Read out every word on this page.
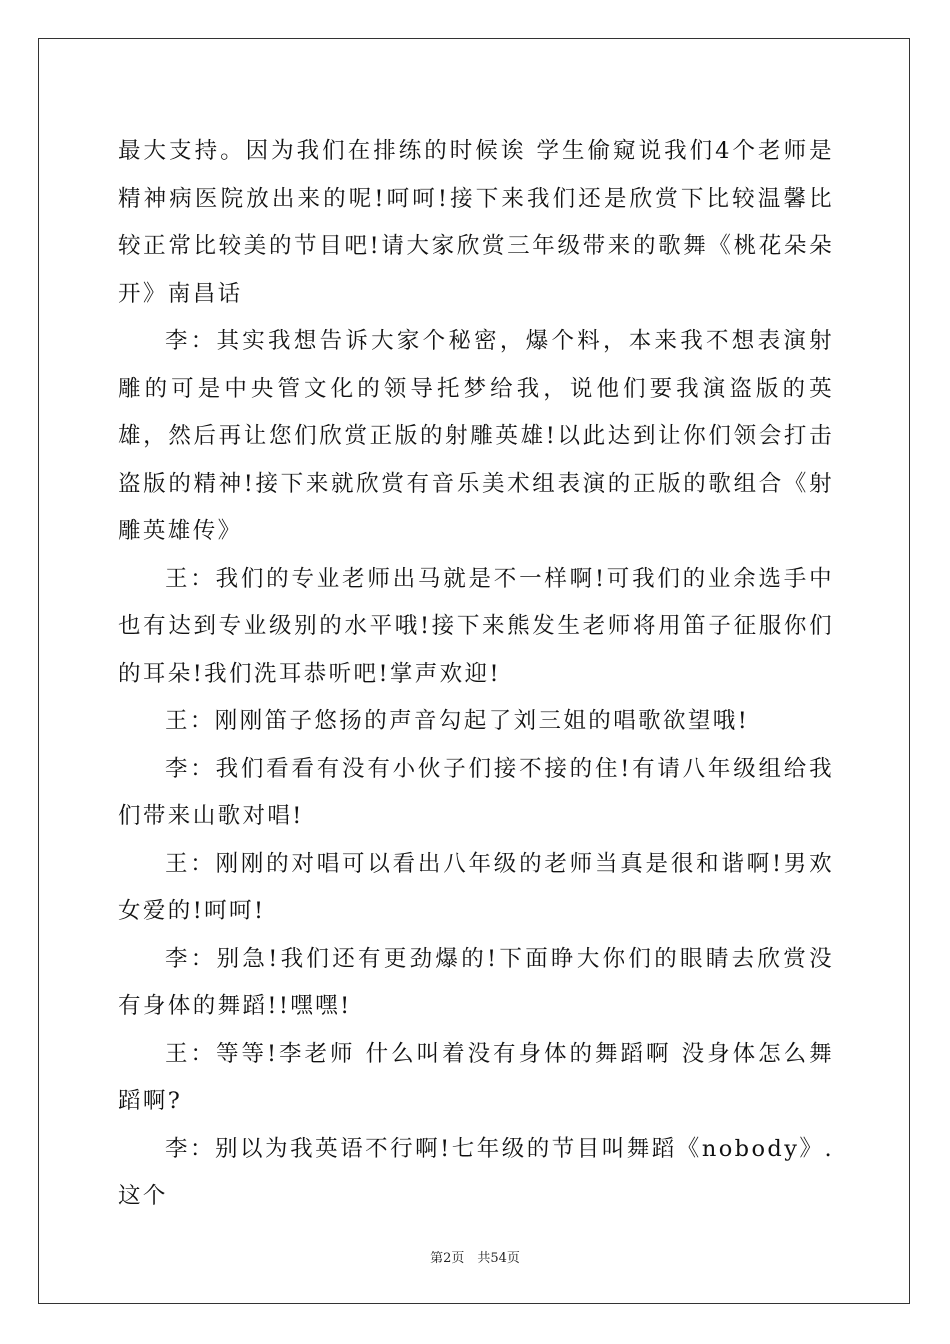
最大支持。因为我们在排练的时候诶 学生偷窥说我们4个老师是精神病医院放出来的呢!呵呵!接下来我们还是欣赏下比较温馨比较正常比较美的节目吧!请大家欣赏三年级带来的歌舞《桃花朵朵开》南昌话

李：其实我想告诉大家个秘密，爆个料，本来我不想表演射雕的可是中央管文化的领导托梦给我，说他们要我演盗版的英雄，然后再让您们欣赏正版的射雕英雄!以此达到让你们领会打击盗版的精神!接下来就欣赏有音乐美术组表演的正版的歌组合《射雕英雄传》

王：我们的专业老师出马就是不一样啊!可我们的业余选手中也有达到专业级别的水平哦!接下来熊发生老师将用笛子征服你们的耳朵!我们洗耳恭听吧!掌声欢迎!

王：刚刚笛子悠扬的声音勾起了刘三姐的唱歌欲望哦!

李：我们看看有没有小伙子们接不接的住!有请八年级组给我们带来山歌对唱!

王：刚刚的对唱可以看出八年级的老师当真是很和谐啊!男欢女爱的!呵呵!

李：别急!我们还有更劲爆的!下面睁大你们的眼睛去欣赏没有身体的舞蹈!!嘿嘿!

王：等等!李老师 什么叫着没有身体的舞蹈啊 没身体怎么舞蹈啊?

李：别以为我英语不行啊!七年级的节目叫舞蹈《nobody》.这个

第2页　共54页
